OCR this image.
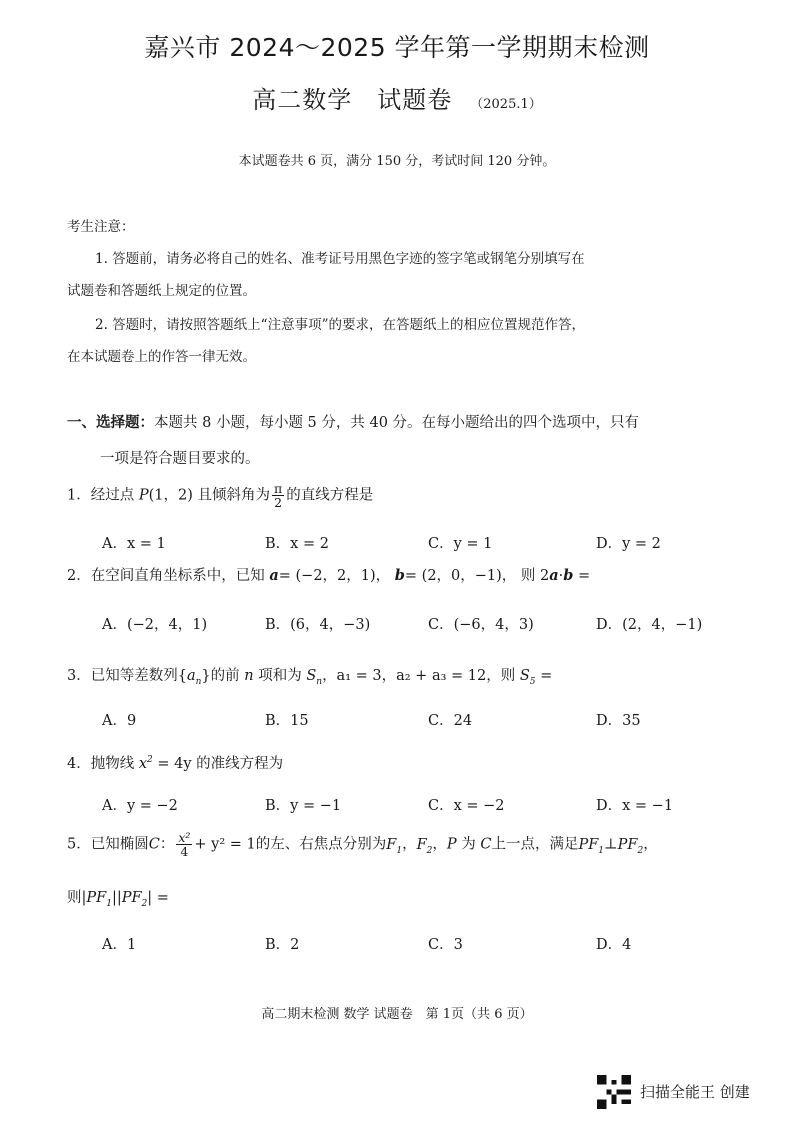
嘉兴市 2024～2025 学年第一学期期末检测
高二数学　试题卷 （2025.1）
本试题卷共 6 页，满分 150 分，考试时间 120 分钟。
考生注意：
1. 答题前，请务必将自己的姓名、准考证号用黑色字迹的签字笔或钢笔分别填写在
试题卷和答题纸上规定的位置。
2. 答题时，请按照答题纸上“注意事项”的要求，在答题纸上的相应位置规范作答，
在本试题卷上的作答一律无效。
一、选择题：本题共 8 小题，每小题 5 分，共 40 分。在每小题给出的四个选项中，只有
一项是符合题目要求的。
1．经过点 P(1，2) 且倾斜角为 $\frac{\pi}{2}$ 的直线方程是
A．x = 1	B．x = 2	C．y = 1	D．y = 2
2．在空间直角坐标系中，已知 a= (−2，2，1)， b= (2，0，−1)， 则 2a·b =
A．(−2，4，1)	B．(6，4，−3)	C．(−6，4，3)	D．(2，4，−1)
3．已知等差数列$\{a_n\}$的前 n 项和为 $S_n$，a₁ = 3，a₂ + a₃ = 12，则 $S_5$ =
A．9	B．15	C．24	D．35
4．抛物线 $x^2 = 4y$ 的准线方程为
A．y = −2	B．y = −1	C．x = −2	D．x = −1
5．已知椭圆C： $\frac{\text{x²}}{4} + y^2 = 1$的左、右焦点分别为$F_1$，$F_2$，P 为 C上一点，满足$PF_1\perp PF_2$，
则$|PF_1||PF_2|$ =
A．1	B．2	C．3	D．4
高二期末检测 数学 试题卷　第 1页（共 6 页）
扫描全能王 创建
